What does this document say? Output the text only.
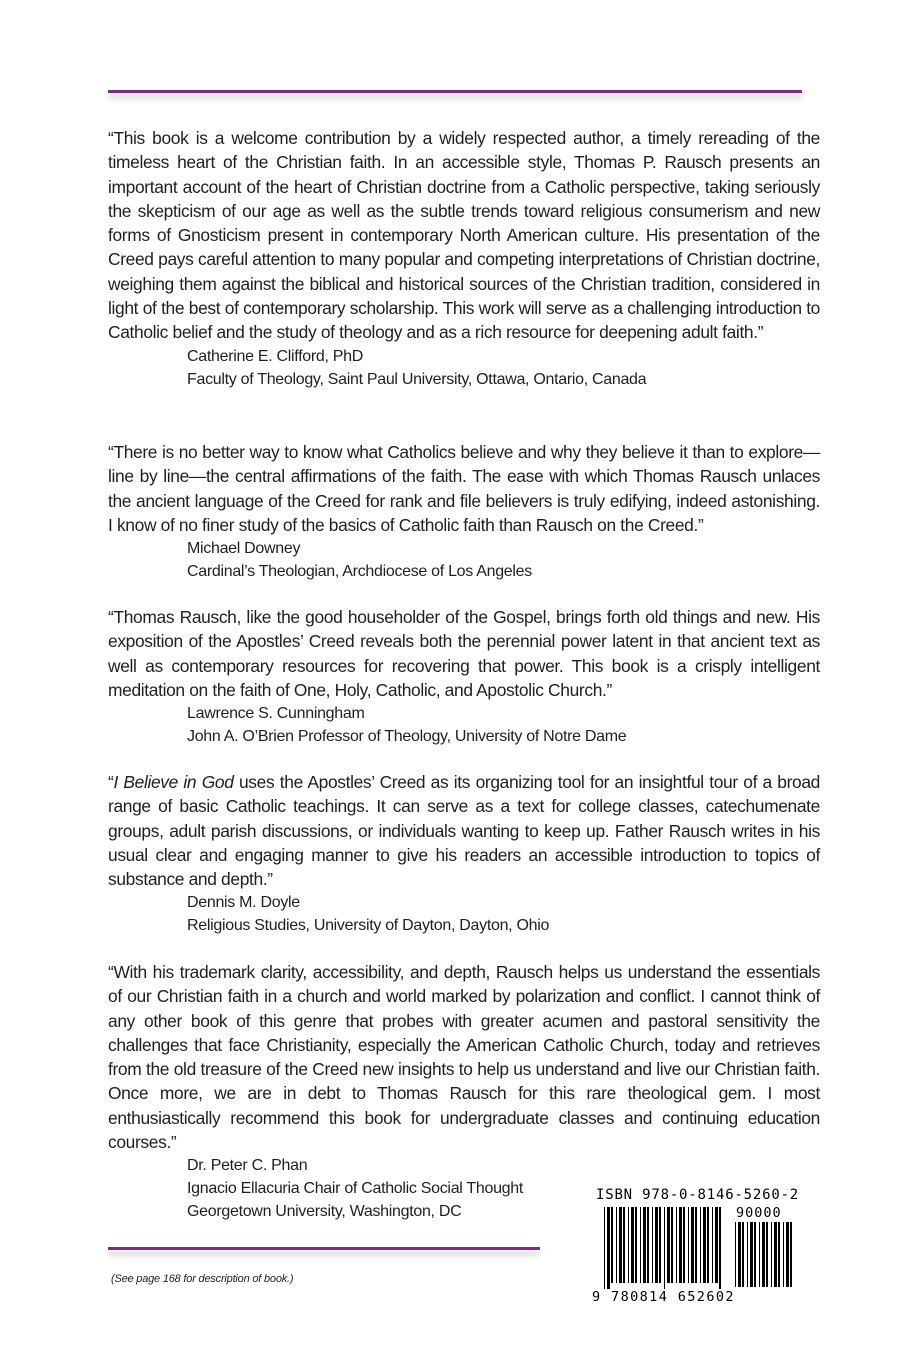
“This book is a welcome contribution by a widely respected author, a timely rereading of the timeless heart of the Christian faith. In an accessible style, Thomas P. Rausch presents an important account of the heart of Christian doctrine from a Catholic perspective, taking seriously the skepticism of our age as well as the subtle trends toward religious consumerism and new forms of Gnosticism present in contemporary North American culture. His presentation of the Creed pays careful attention to many popular and competing interpretations of Christian doctrine, weighing them against the biblical and historical sources of the Christian tradition, considered in light of the best of contemporary scholarship. This work will serve as a challenging introduction to Catholic belief and the study of theology and as a rich resource for deepening adult faith.”

Catherine E. Clifford, PhD
Faculty of Theology, Saint Paul University, Ottawa, Ontario, Canada

“There is no better way to know what Catholics believe and why they believe it than to explore—line by line—the central affirmations of the faith. The ease with which Thomas Rausch unlaces the ancient language of the Creed for rank and file believers is truly edifying, indeed astonishing. I know of no finer study of the basics of Catholic faith than Rausch on the Creed.”

Michael Downey
Cardinal’s Theologian, Archdiocese of Los Angeles

“Thomas Rausch, like the good householder of the Gospel, brings forth old things and new. His exposition of the Apostles’ Creed reveals both the perennial power latent in that ancient text as well as contemporary resources for recovering that power. This book is a crisply intelligent meditation on the faith of One, Holy, Catholic, and Apostolic Church.”

Lawrence S. Cunningham
John A. O’Brien Professor of Theology, University of Notre Dame

“I Believe in God uses the Apostles’ Creed as its organizing tool for an insightful tour of a broad range of basic Catholic teachings. It can serve as a text for college classes, catechumenate groups, adult parish discussions, or individuals wanting to keep up. Father Rausch writes in his usual clear and engaging manner to give his readers an accessible introduction to topics of substance and depth.”

Dennis M. Doyle
Religious Studies, University of Dayton, Dayton, Ohio

“With his trademark clarity, accessibility, and depth, Rausch helps us understand the essentials of our Christian faith in a church and world marked by polarization and conflict. I cannot think of any other book of this genre that probes with greater acumen and pastoral sensitivity the challenges that face Christianity, especially the American Catholic Church, today and retrieves from the old treasure of the Creed new insights to help us understand and live our Christian faith. Once more, we are in debt to Thomas Rausch for this rare theological gem. I most enthusiastically recommend this book for undergraduate classes and continuing education courses.”

Dr. Peter C. Phan
Ignacio Ellacuria Chair of Catholic Social Thought
Georgetown University, Washington, DC
(See page 168 for description of book.)
ISBN 978-0-8146-5260-2
90000
9 780814 652602
